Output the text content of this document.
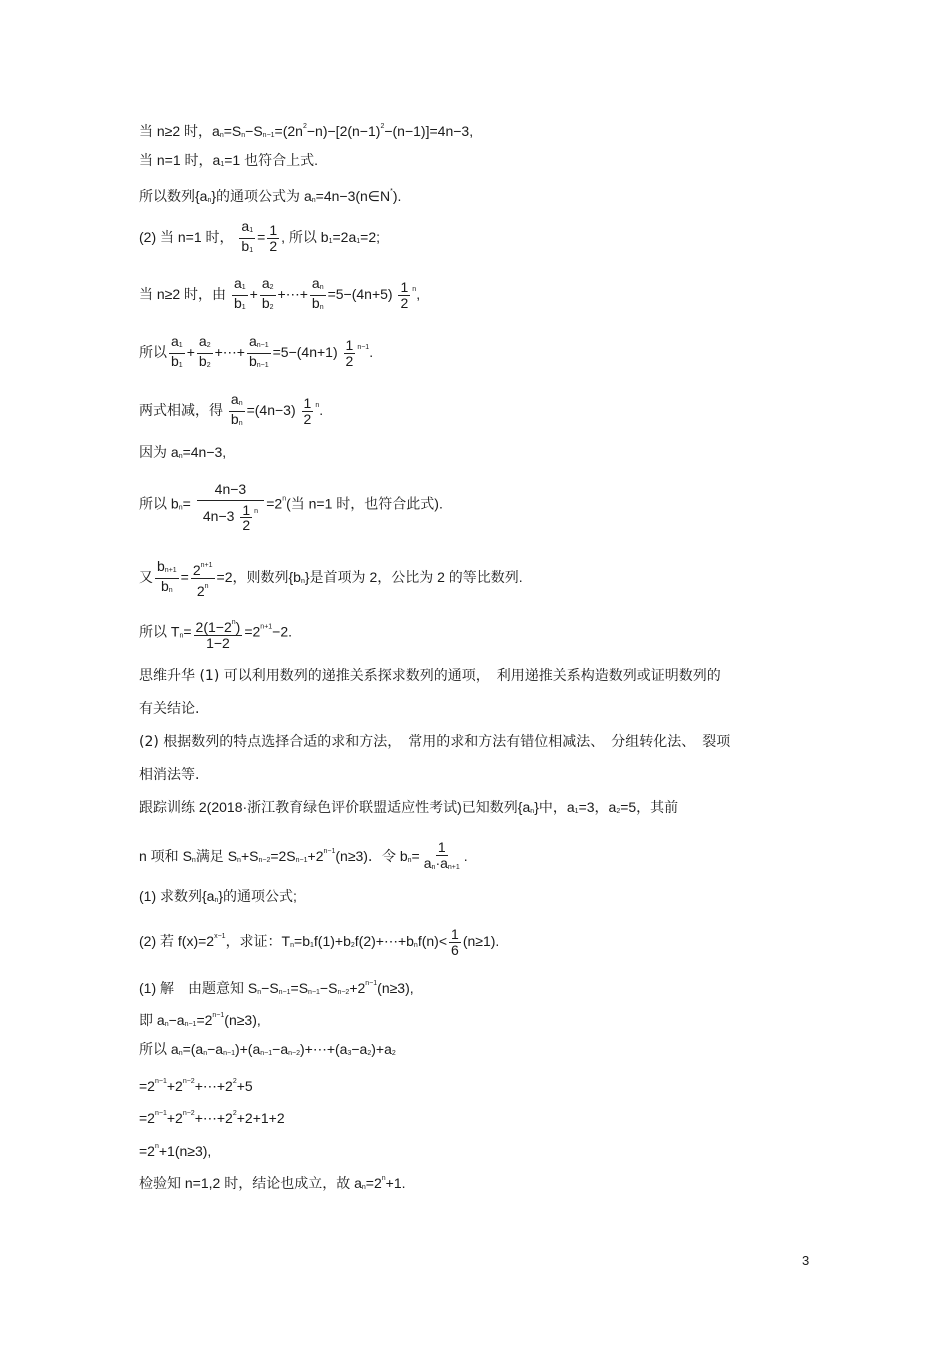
当 n≥2 时，$a_n=S_n-S_{n-1}=(2n^2-n)-[2(n-1)^2-(n-1)]=4n-3$,
当 n=1 时，$a_1=1$ 也符合上式.
所以数列$\{a_n\}$的通项公式为 $a_n=4n-3(n\in N^*)$.
(2) 当 n=1 时， $\frac{a_1}{b_1} = \frac{1}{2}$ , 所以 $b_1=2a_1=2$;
当 n≥2 时，由 $\frac{a_1}{b_1} + \frac{a_2}{b_2}$ +⋯+ $\frac{a_n}{b_n} =5-(4n+5) \frac{1}{2} ^n$,
所以 $\frac{a_1}{b_1} + \frac{a_2}{b_2}$ +⋯+ $\frac{a_{n-1}}{b_{n-1}} =5-(4n+1) \frac{1}{2} ^{n-1}$.
两式相减，得 $\frac{a_n}{b_n} =(4n-3) \frac{1}{2} ^n$.
因为 $a_n=4n-3$,
所以 $b_n= \frac{4n-3}{4n-3 \frac{1}{2} ^n} =2^n$(当 n=1 时，也符合此式).
又 $\frac{b_{n+1}}{b_n} = \frac{2^{n+1}}{2^n} =2$，则数列$\{b_n\}$是首项为 2，公比为 2 的等比数列.
所以 $T_n= \frac{2(1-2^n)}{1-2} =2^{n+1}-2$.
思维升华 (1) 可以利用数列的递推关系探求数列的通项，　利用递推关系构造数列或证明数列的
有关结论.
(2) 根据数列的特点选择合适的求和方法，　常用的求和方法有错位相减法、　分组转化法、　裂项
相消法等.
跟踪训练 2(2018·浙江教育绿色评价联盟适应性考试)已知数列$\{a_n\}$中，$a_1=3$，$a_2=5$，其前
n 项和 $S_n$满足 $S_n+S_{n-2}=2S_{n-1}+2^{n-1}(n\ge 3)$．令 $b_n= \frac{1}{a_n\cdot a_{n+1}}$ .
(1) 求数列$\{a_n\}$的通项公式;
(2) 若 $f(x)=2^{x-1}$，求证：$T_n=b_1f(1)+b_2f(2)+\cdots+b_nf(n)< \frac{1}{6} (n\ge 1)$.
(1) 解　由题意知 $S_n-S_{n-1}=S_{n-1}-S_{n-2}+2^{n-1}(n\ge 3)$,
即 $a_n-a_{n-1}=2^{n-1}(n\ge 3)$,
所以 $a_n=(a_n-a_{n-1})+(a_{n-1}-a_{n-2})+\cdots+(a_3-a_2)+a_2$
$=2^{n-1}+2^{n-2}+\cdots+2^2+5$
$=2^{n-1}+2^{n-2}+\cdots+2^2+2+1+2$
$=2^n+1(n\ge 3)$,
检验知 n=1,2 时，结论也成立，故 $a_n=2^n+1$.
3
